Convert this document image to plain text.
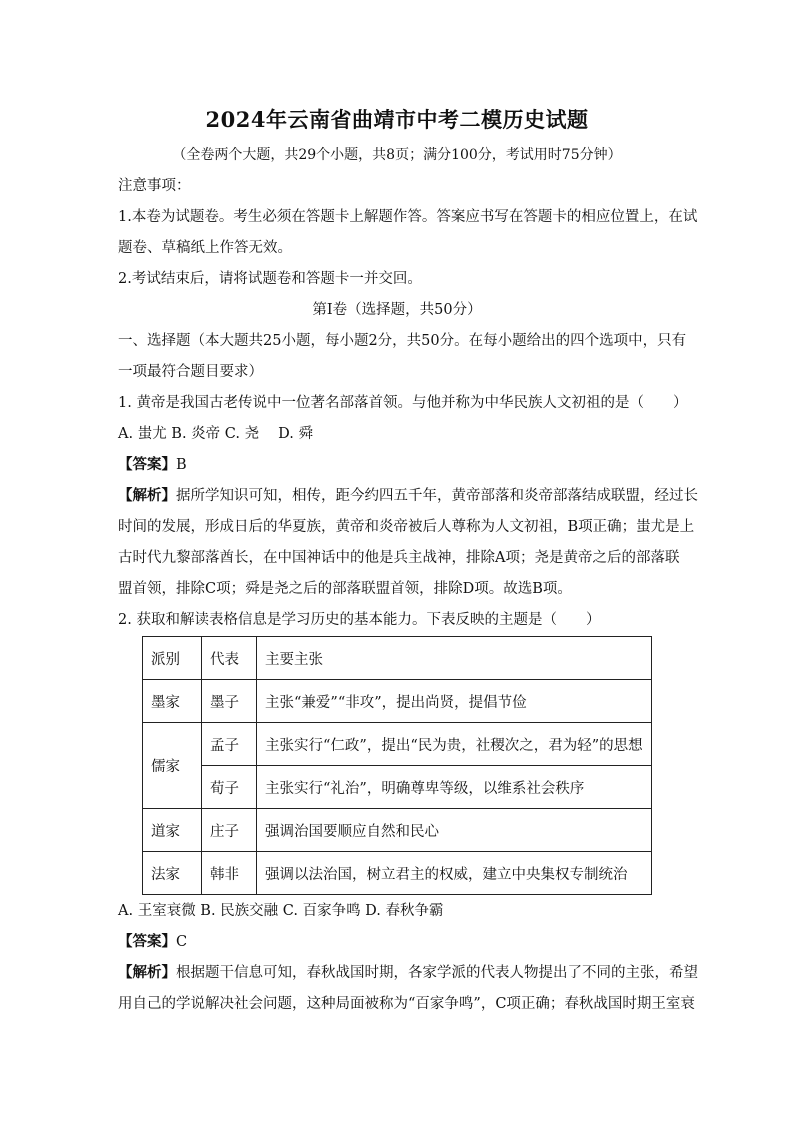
2024年云南省曲靖市中考二模历史试题
（全卷两个大题，共29个小题，共8页；满分100分，考试用时75分钟）
注意事项：
1.本卷为试题卷。考生必须在答题卡上解题作答。答案应书写在答题卡的相应位置上，在试
题卷、草稿纸上作答无效。
2.考试结束后，请将试题卷和答题卡一并交回。
第I卷（选择题，共50分）
一、选择题（本大题共25小题，每小题2分，共50分。在每小题给出的四个选项中，只有
一项最符合题目要求）
1. 黄帝是我国古老传说中一位著名部落首领。与他并称为中华民族人文初祖的是（　　）
A. 蚩尤 B. 炎帝 C. 尧　 D. 舜
【答案】B
【解析】据所学知识可知，相传，距今约四五千年，黄帝部落和炎帝部落结成联盟，经过长
时间的发展，形成日后的华夏族，黄帝和炎帝被后人尊称为人文初祖，B项正确；蚩尤是上
古时代九黎部落酋长，在中国神话中的他是兵主战神，排除A项；尧是黄帝之后的部落联
盟首领，排除C项；舜是尧之后的部落联盟首领，排除D项。故选B项。
2. 获取和解读表格信息是学习历史的基本能力。下表反映的主题是（　　）
派别	代表	主要主张
墨家	墨子	主张“兼爱”“非攻”，提出尚贤，提倡节俭
儒家	孟子	主张实行“仁政”，提出“民为贵，社稷次之，君为轻”的思想
	荀子	主张实行“礼治”，明确尊卑等级，以维系社会秩序
道家	庄子	强调治国要顺应自然和民心
法家	韩非	强调以法治国，树立君主的权威，建立中央集权专制统治
A. 王室衰微 B. 民族交融 C. 百家争鸣 D. 春秋争霸
【答案】C
【解析】根据题干信息可知，春秋战国时期，各家学派的代表人物提出了不同的主张，希望
用自己的学说解决社会问题，这种局面被称为“百家争鸣”，C项正确；春秋战国时期王室衰
